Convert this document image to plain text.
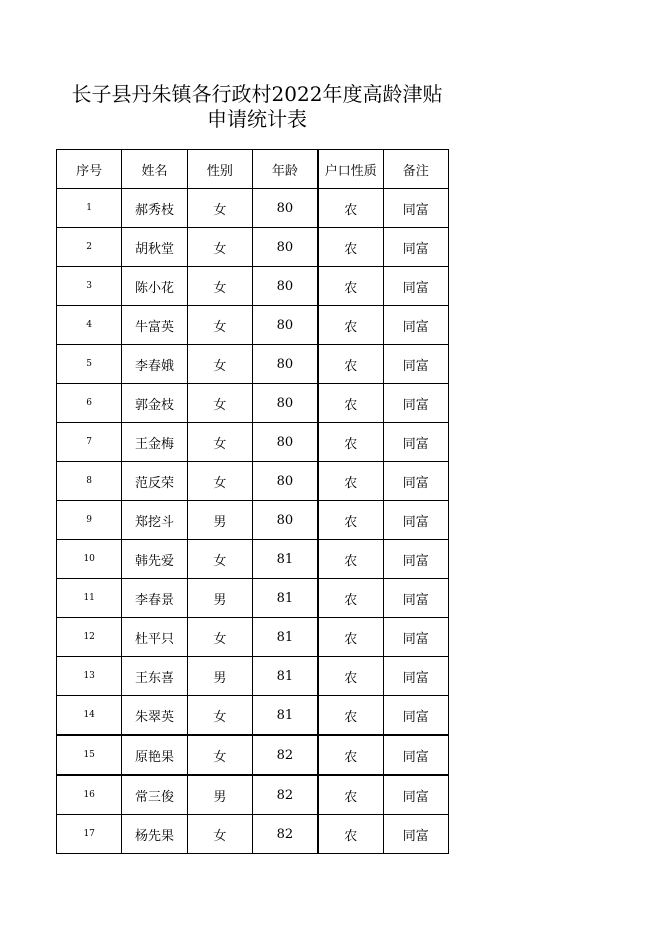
长子县丹朱镇各行政村2022年度高龄津贴
申请统计表
序号	姓名	性别	年龄	户口性质	备注
1	郝秀枝	女	80	农	同富
2	胡秋堂	女	80	农	同富
3	陈小花	女	80	农	同富
4	牛富英	女	80	农	同富
5	李春娥	女	80	农	同富
6	郭金枝	女	80	农	同富
7	王金梅	女	80	农	同富
8	范反荣	女	80	农	同富
9	郑挖斗	男	80	农	同富
10	韩先爱	女	81	农	同富
11	李春景	男	81	农	同富
12	杜平只	女	81	农	同富
13	王东喜	男	81	农	同富
14	朱翠英	女	81	农	同富
15	原艳果	女	82	农	同富
16	常三俊	男	82	农	同富
17	杨先果	女	82	农	同富
